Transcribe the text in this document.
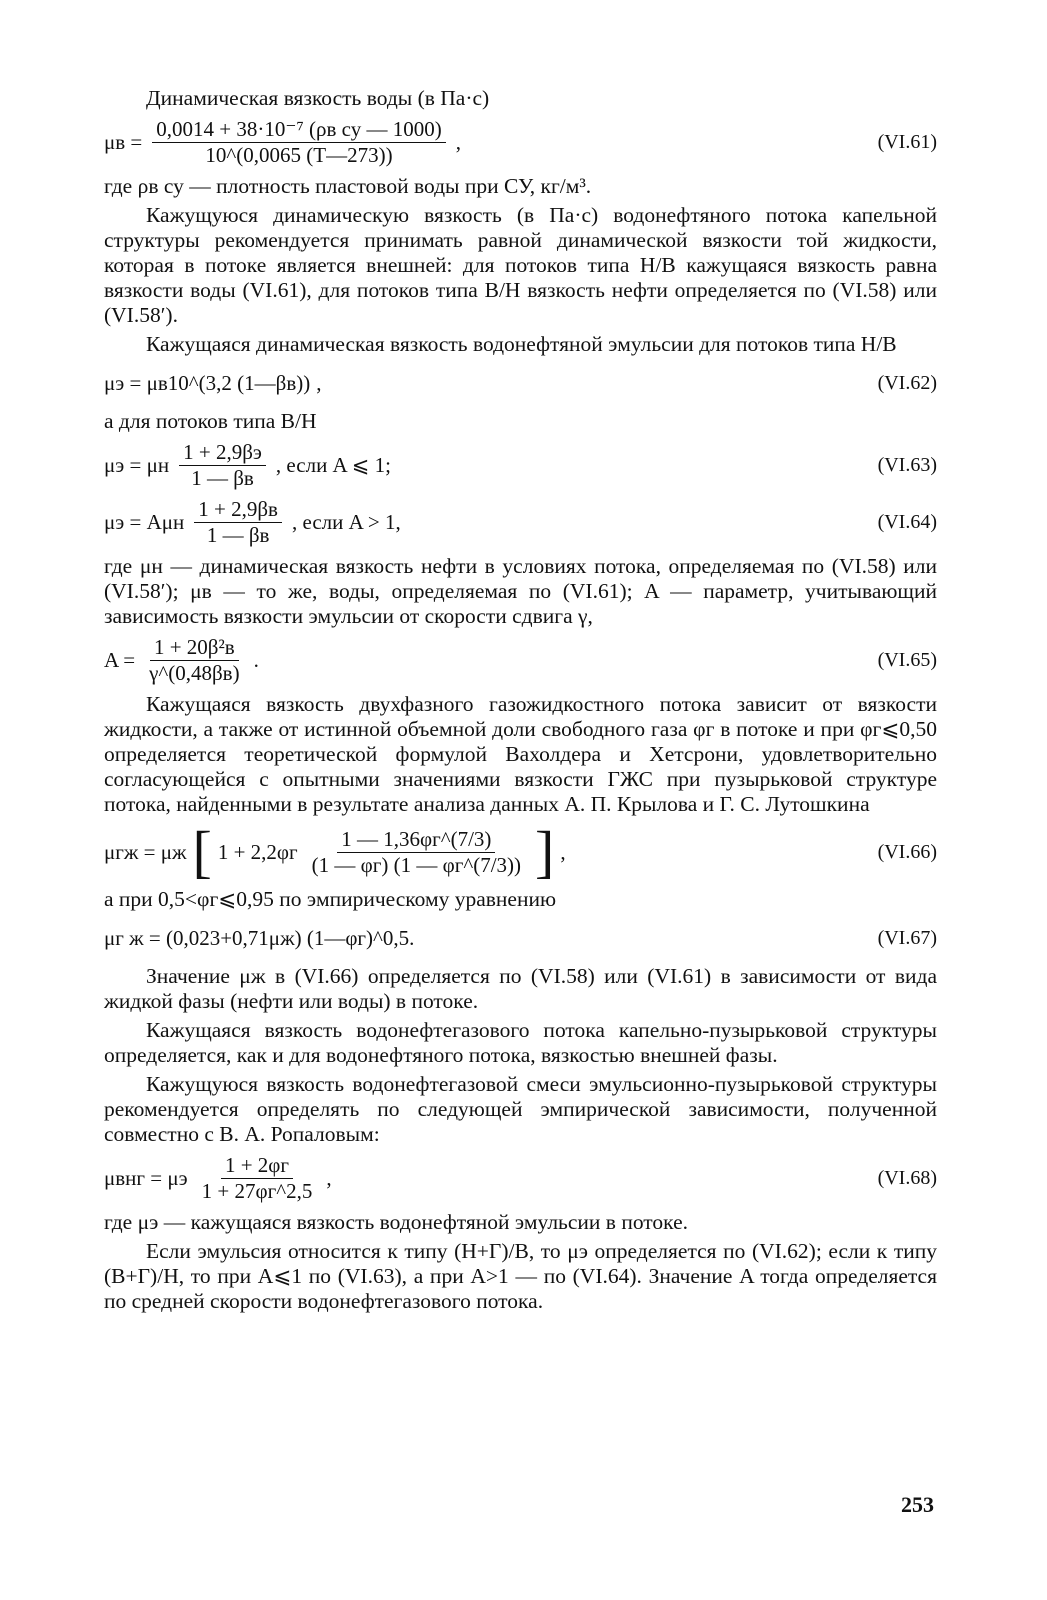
Динамическая вязкость воды (в Па·с)

$\mu в = \frac{\text{0,0014 + 38·10⁻⁷ (ρв су — 1000)}}{10\^{}(0,0065 (T—273))}$ ,	(VI.61)

где ρв су — плотность пластовой воды при СУ, кг/м³.

Кажущуюся динамическую вязкость (в Па·с) водонефтяного потока капельной структуры рекомендуется принимать равной динамической вязкости той жидкости, которая в потоке является внешней: для потоков типа Н/В кажущаяся вязкость равна вязкости воды (VI.61), для потоков типа В/Н вязкость нефти определяется по (VI.58) или (VI.58′).

Кажущаяся динамическая вязкость водонефтяной эмульсии для потоков типа Н/В

μэ = μв10^(3,2 (1—βв)) ,	(VI.62)

а для потоков типа В/Н

μэ = μн $\frac{1 + 2,9\beta э}{1 — \beta в}$ , если A ⩽ 1;	(VI.63)
μэ = Aμн $\frac{1 + 2,9\beta в}{1 — \beta в}$ , если A > 1,	(VI.64)

где μн — динамическая вязкость нефти в условиях потока, определяемая по (VI.58) или (VI.58′); μв — то же, воды, определяемая по (VI.61); A — параметр, учитывающий зависимость вязкости эмульсии от скорости сдвига γ,

$A = \frac{\text{1 + 20β²в}}{\gamma\^{}(0,48\beta в)}$ .	(VI.65)

Кажущаяся вязкость двухфазного газожидкостного потока зависит от вязкости жидкости, а также от истинной объемной доли свободного газа φг в потоке и при φг⩽0,50 определяется теоретической формулой Вахолдера и Хетсрони, удовлетворительно согласующейся с опытными значениями вязкости ГЖС при пузырьковой структуре потока, найденными в результате анализа данных А. П. Крылова и Г. С. Лутошкина

μгж = μж [ $1 + 2,2\varphi г \frac{1 — 1,36\varphi г\^{}(7/3)}{(1 — \varphi г) (1 — \varphi г\^{}(7/3))}$ ] ,	(VI.66)

а при 0,5<φг⩽0,95 по эмпирическому уравнению

μг ж = (0,023+0,71μж) (1—φг)^0,5.	(VI.67)

Значение μж в (VI.66) определяется по (VI.58) или (VI.61) в зависимости от вида жидкой фазы (нефти или воды) в потоке.

Кажущаяся вязкость водонефтегазового потока капельно-пузырьковой структуры определяется, как и для водонефтяного потока, вязкостью внешней фазы.

Кажущуюся вязкость водонефтегазовой смеси эмульсионно-пузырьковой структуры рекомендуется определять по следующей эмпирической зависимости, полученной совместно с В. А. Ропаловым:

μвнг = μэ $\frac{1 + 2\varphi г}{1 + 27\varphi г\^{}2,5}$ ,	(VI.68)

где μэ — кажущаяся вязкость водонефтяной эмульсии в потоке.

Если эмульсия относится к типу (Н+Г)/В, то μэ определяется по (VI.62); если к типу (В+Г)/Н, то при A⩽1 по (VI.63), а при A>1 — по (VI.64). Значение A тогда определяется по средней скорости водонефтегазового потока.

253
